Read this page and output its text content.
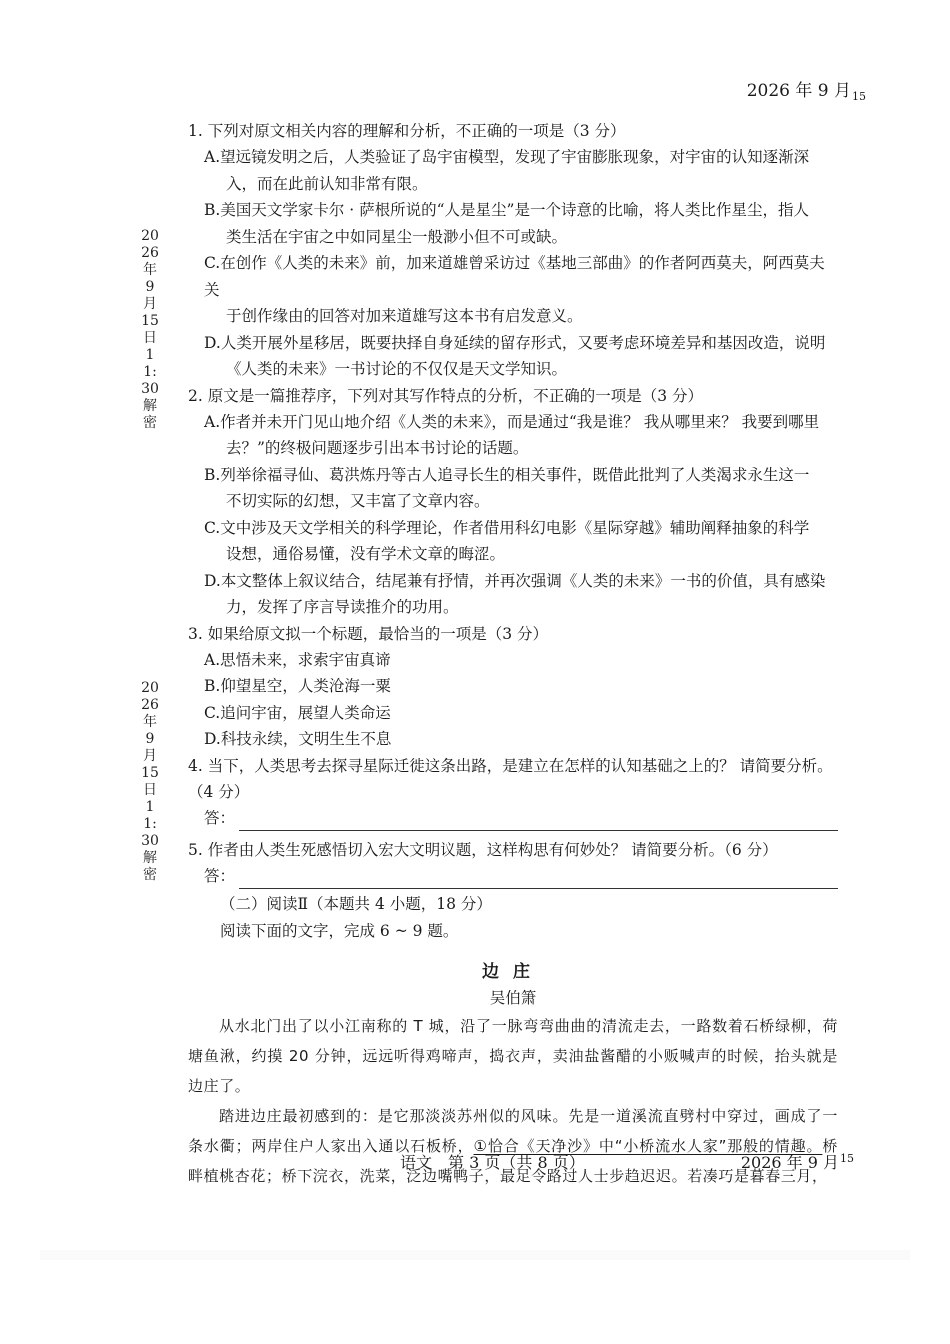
2026 年 9 月$_{15}$
2026年9月15日11:30解密
2026年9月15日11:30解密

1. 下列对原文相关内容的理解和分析，不正确的一项是（3 分）

A.望远镜发明之后，人类验证了岛宇宙模型，发现了宇宙膨胀现象，对宇宙的认知逐渐深
入，而在此前认知非常有限。
B.美国天文学家卡尔 · 萨根所说的“人是星尘”是一个诗意的比喻，将人类比作星尘，指人
类生活在宇宙之中如同星尘一般渺小但不可或缺。
C.在创作《人类的未来》前，加来道雄曾采访过《基地三部曲》的作者阿西莫夫，阿西莫夫关
于创作缘由的回答对加来道雄写这本书有启发意义。
D.人类开展外星移居，既要抉择自身延续的留存形式，又要考虑环境差异和基因改造，说明
《人类的未来》一书讨论的不仅仅是天文学知识。

2. 原文是一篇推荐序，下列对其写作特点的分析，不正确的一项是（3 分）

A.作者并未开门见山地介绍《人类的未来》，而是通过“我是谁？ 我从哪里来？ 我要到哪里
去？”的终极问题逐步引出本书讨论的话题。
B.列举徐福寻仙、葛洪炼丹等古人追寻长生的相关事件，既借此批判了人类渴求永生这一
不切实际的幻想，又丰富了文章内容。
C.文中涉及天文学相关的科学理论，作者借用科幻电影《星际穿越》辅助阐释抽象的科学
设想，通俗易懂，没有学术文章的晦涩。
D.本文整体上叙议结合，结尾兼有抒情，并再次强调《人类的未来》一书的价值，具有感染
力，发挥了序言导读推介的功用。

3. 如果给原文拟一个标题，最恰当的一项是（3 分）

A.思悟未来，求索宇宙真谛
B.仰望星空，人类沧海一粟
C.追问宇宙，展望人类命运
D.科技永续，文明生生不息

4. 当下，人类思考去探寻星际迁徙这条出路，是建立在怎样的认知基础之上的？ 请简要分析。
（4 分）

答：

5. 作者由人类生死感悟切入宏大文明议题，这样构思有何妙处？ 请简要分析。（6 分）

答：

（二）阅读Ⅱ（本题共 4 小题，18 分）

阅读下面的文字，完成 6 ~ 9 题。

边庄
吴伯箫

从水北门出了以小江南称的 T 城，沿了一脉弯弯曲曲的清流走去，一路数着石桥绿柳，荷塘鱼湫，约摸 20 分钟，远远听得鸡啼声，捣衣声，卖油盐酱醋的小贩喊声的时候，抬头就是边庄了。

踏进边庄最初感到的：是它那淡淡苏州似的风味。先是一道溪流直劈村中穿过，画成了一条水衢；两岸住户人家出入通以石板桥，①恰合《天净沙》中“小桥流水人家”那般的情趣。桥畔植桃杏花；桥下浣衣，洗菜，泛边嘴鸭子，最足令路过人士步趋迟迟。若凑巧是暮春三月，

语文　第 3 页（共 8 页）	2026 年 9 月$^{15}$
